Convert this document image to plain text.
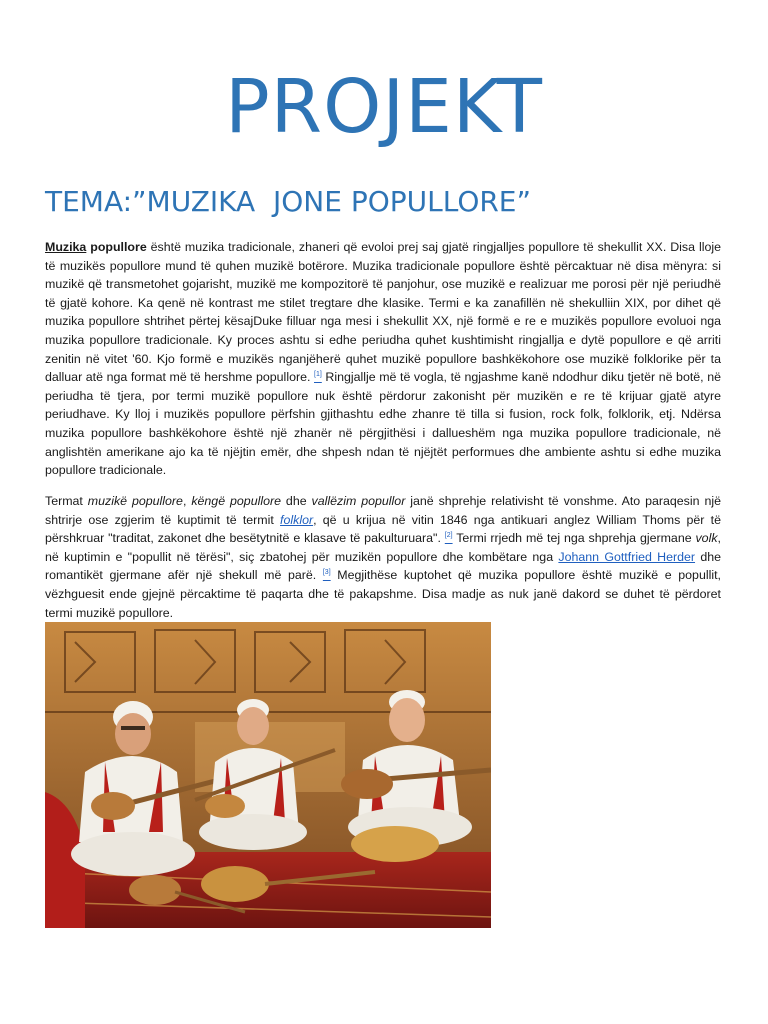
PROJEKT
TEMA:”MUZIKA  JONE POPULLORE”
Muzika popullore është muzika tradicionale, zhaneri që evoloi prej saj gjatë ringjalljes popullore të shekullit XX. Disa lloje të muzikës popullore mund të quhen muzikë botërore. Muzika tradicionale popullore është përcaktuar në disa mënyra: si muzikë që transmetohet gojarisht, muzikë me kompozitorë të panjohur, ose muzikë e realizuar me porosi për një periudhë të gjatë kohore. Ka qenë në kontrast me stilet tregtare dhe klasike. Termi e ka zanafillën në shekulliin XIX, por dihet që muzika popullore shtrihet përtej kësajDuke filluar nga mesi i shekullit XX, një formë e re e muzikës popullore evoluoi nga muzika popullore tradicionale. Ky proces ashtu si edhe periudha quhet kushtimisht ringjallja e dytë popullore e që arriti zenitin në vitet '60. Kjo formë e muzikës nganjëherë quhet muzikë popullore bashkëkohore ose muzikë folklorike për ta dalluar atë nga format më të hershme popullore. [1] Ringjallje më të vogla, të ngjashme kanë ndodhur diku tjetër në botë, në periudha të tjera, por termi muzikë popullore nuk është përdorur zakonisht për muzikën e re të krijuar gjatë atyre periudhave. Ky lloj i muzikës popullore përfshin gjithashtu edhe zhanre të tilla si fusion, rock folk, folklorik, etj. Ndërsa muzika popullore bashkëkohore është një zhanër në përgjithësi i dallueshëm nga muzika popullore tradicionale, në anglishtën amerikane ajo ka të njëjtin emër, dhe shpesh ndan të njëjtët performues dhe ambiente ashtu si edhe muzika popullore tradicionale.
Termat muzikë popullore, këngë popullore dhe vallëzim popullor janë shprehje relativisht të vonshme. Ato paraqesin një shtrirje ose zgjerim të kuptimit të termit folklor, që u krijua në vitin 1846 nga antikuari anglez William Thoms për të përshkruar "traditat, zakonet dhe besëtytnitë e klasave të pakulturuara". [2] Termi rrjedh më tej nga shprehja gjermane volk, në kuptimin e "popullit në tërësi", siç zbatohej për muzikën popullore dhe kombëtare nga Johann Gottfried Herder dhe romantikët gjermane afër një shekull më parë. [3] Megjithëse kuptohet që muzika popullore është muzikë e popullit, vëzhguesit ende gjejnë përcaktime të paqarta dhe të pakapshme. Disa madje as nuk janë dakord se duhet të përdoret termi muzikë popullore.
